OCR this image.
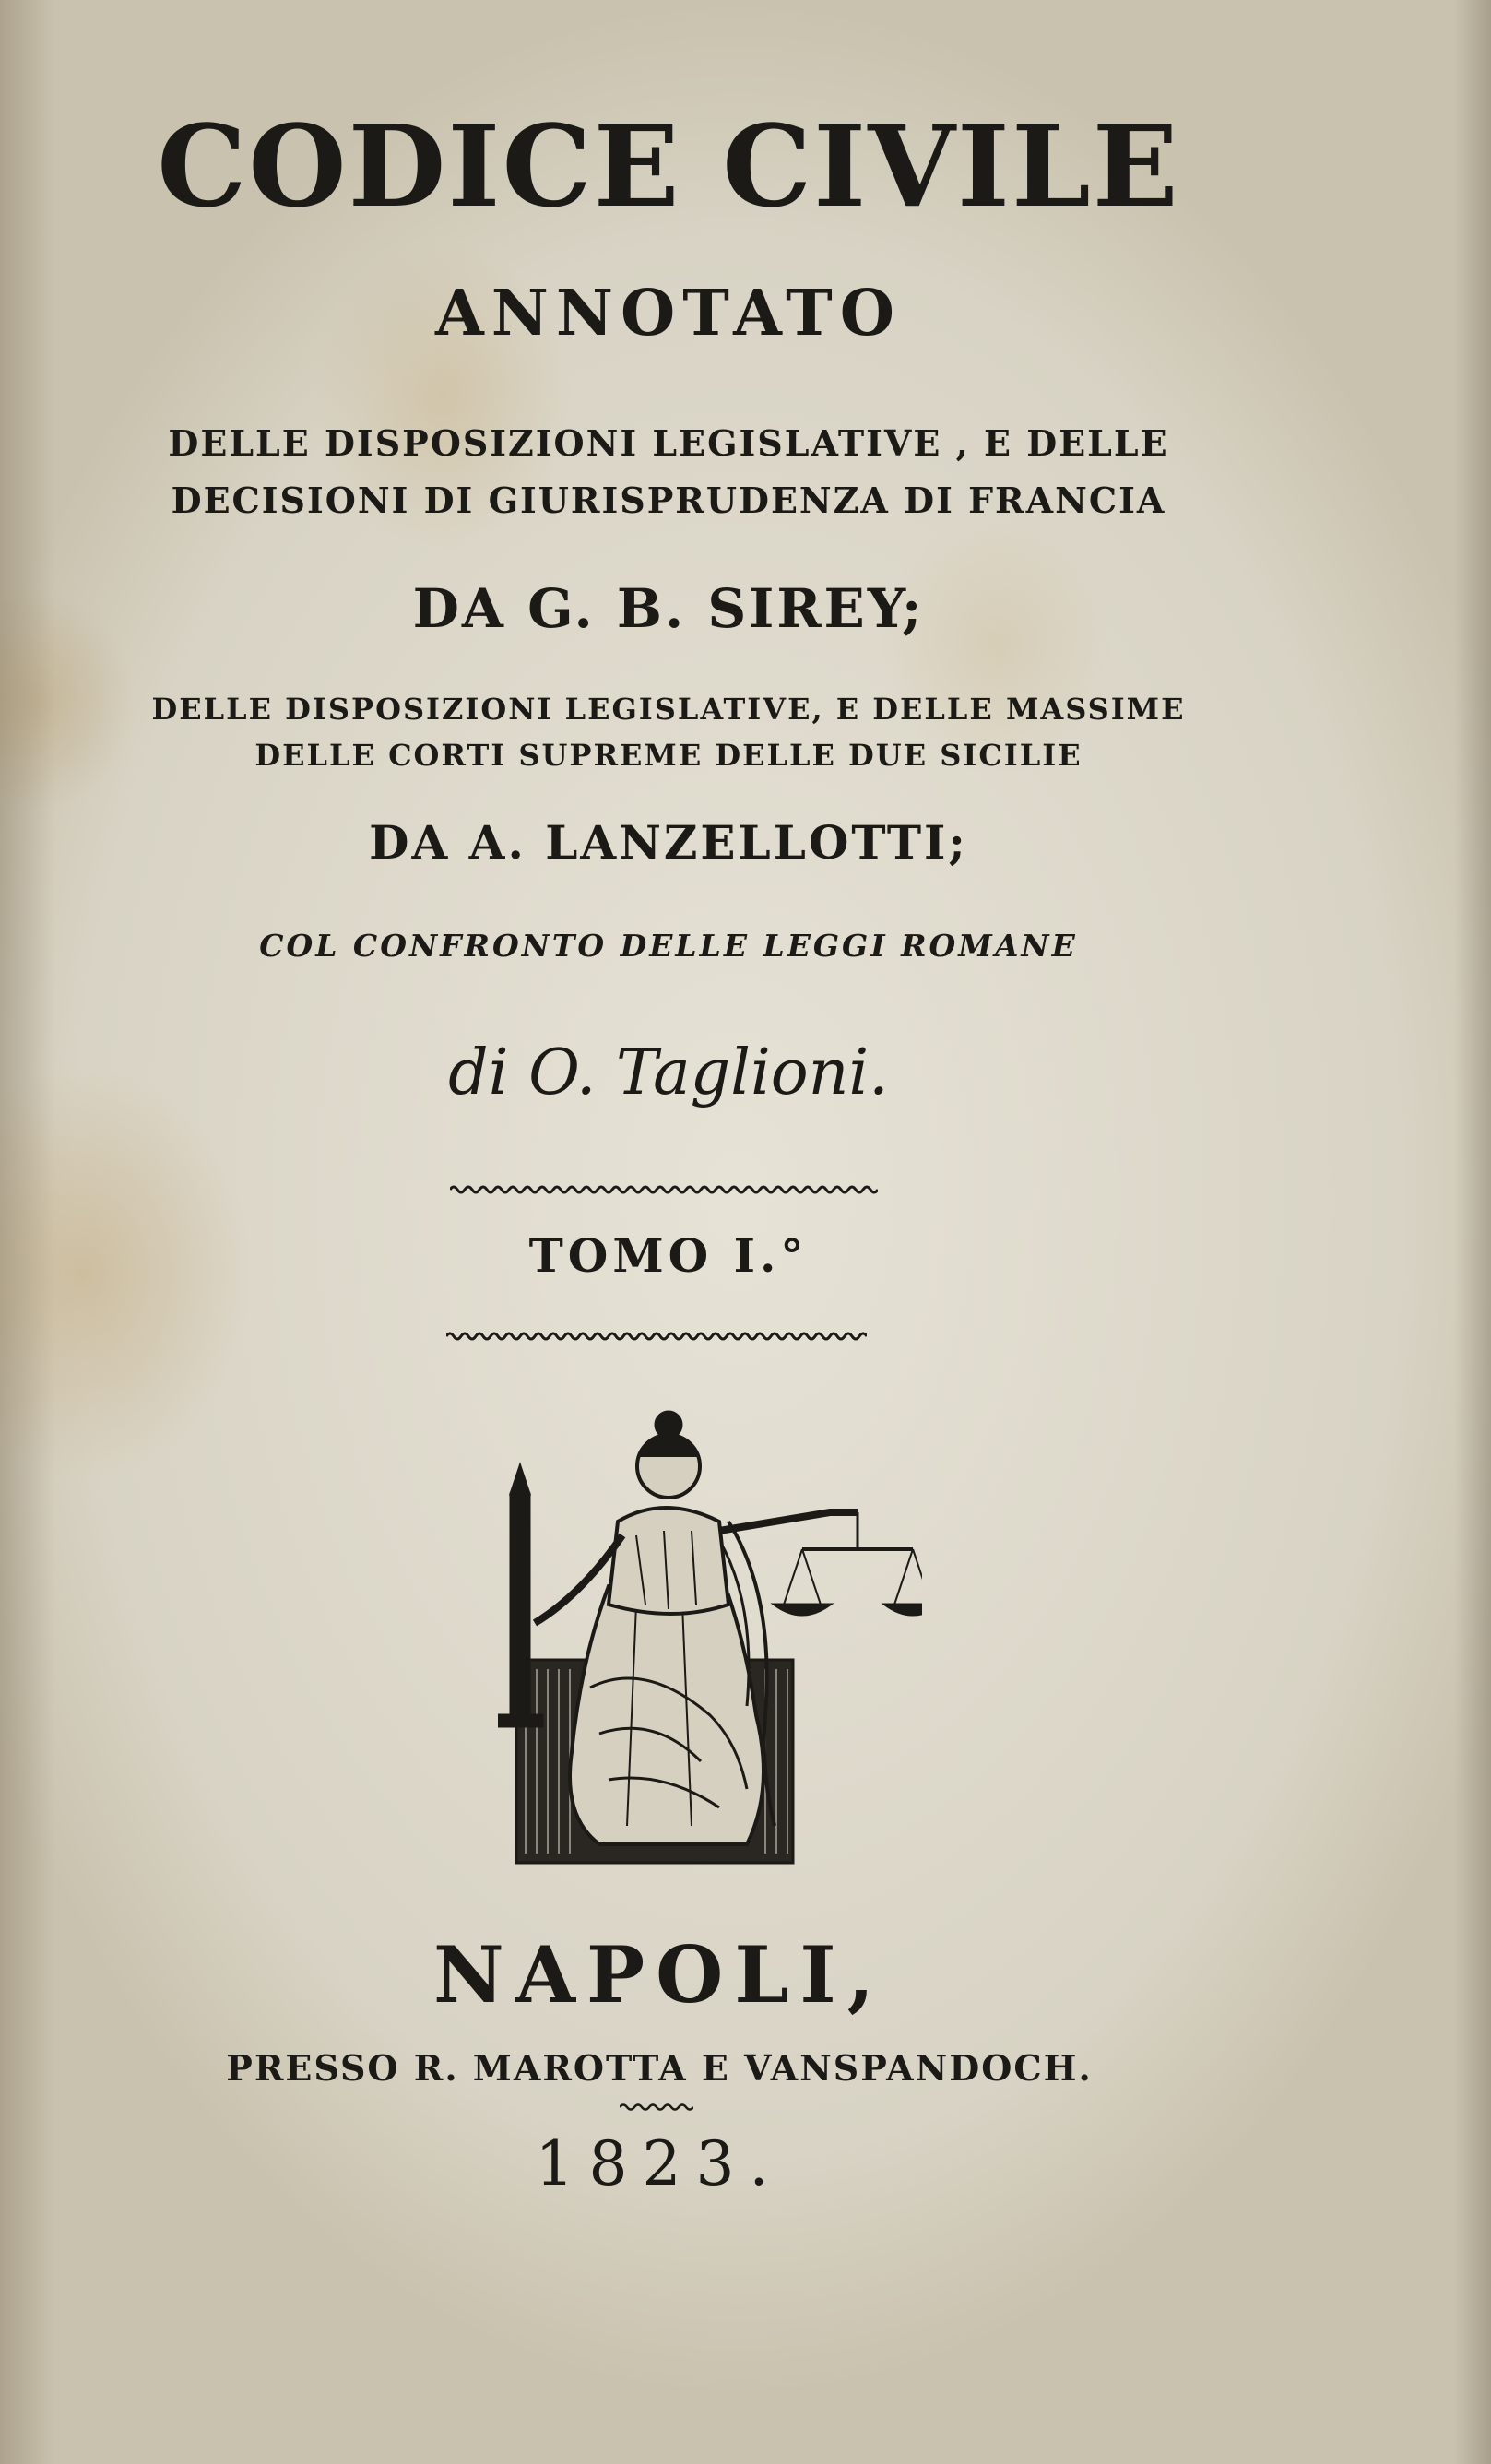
CODICE CIVILE
ANNOTATO
DELLE DISPOSIZIONI LEGISLATIVE , E DELLE
DECISIONI DI GIURISPRUDENZA DI FRANCIA
DA G. B. SIREY;
DELLE DISPOSIZIONI LEGISLATIVE, E DELLE MASSIME
DELLE CORTI SUPREME DELLE DUE SICILIE
DA A. LANZELLOTTI;
COL CONFRONTO DELLE LEGGI ROMANE
di O. Taglioni.
TOMO I.°
NAPOLI,
PRESSO R. MAROTTA E VANSPANDOCH.
1823.
